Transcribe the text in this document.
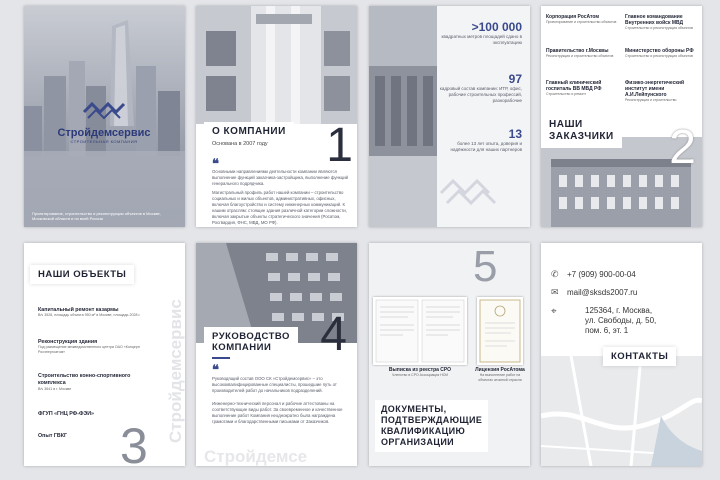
Стройдемсервис
СТРОИТЕЛЬНАЯ КОМПАНИЯ
Проектирование, строительство и реконструкция объектов в Москве, Московской области и по всей России
О КОМПАНИИ
Основана в 2007 году 1
❝
Основными направлениями деятельности компании являются выполнение функций заказчика-застройщика, выполнение функций генерального подрядчика.
Магистральный профиль работ нашей компании – строительство социальных и жилых объектов, административных, офисных, включая благоустройство и систему инженерных коммуникаций. К нашим отраслям: стоящие здания различной категории сложности, включая закрытые объекты стратегического значения (Росатом, Росгвардия, ФНС, МВД, МО РФ).
>100 000
квадратных метров площадей сдано в эксплуатацию
97
кадровый состав компании: ИТР, офис, рабочие строительных профессий, разнорабочие
13
более 13 лет опыта, доверия и надёжности для наших партнеров
Корпорация РосАтом
Проектирование и строительство объектов
Главное командование Внутренних войск МВД
Строительство и реконструкция объектов
Правительство г.Москвы
Реконструкция и строительство объектов
Министерство обороны РФ
Строительство и реконструкция объектов
Главный клинический госпиталь ВВ МВД РФ
Строительство и ремонт
Физико-энергетический институт имени А.И.Лейпунского
Реконструкция и строительство
НАШИ
ЗАКАЗЧИКИ 2
НАШИ ОБЪЕКТЫ
Стройдемсервис
Капитальный ремонт казармы
В/ч 3526, площадь объекта 950 м² в Москве, площадь 2028 г.
Реконструкция здания
Под размещение межведомственного центра ОАО «Концерн Росэнергоатом»
Строительство конно-спортивного комплекса
В/ч 3641 в г. Москве
ФГУП «ГНЦ РФ-ФЭИ»
Опыт ГВКГ	3
РУКОВОДСТВО
КОМПАНИИ	4
❝
Руководящий состав ООО СК «Стройдемсервис» – это высококвалифицированные специалисты, прошедшие путь от производителей работ до начальников подразделений.
Инженерно-технический персонал и рабочие аттестованы на соответствующие виды работ. За своевременное и качественное выполнение работ Компания неоднократно была награждена грамотами и благодарственными письмами от Заказчиков.
Стройдемсе
5
Выписка из реестра СРО
Членство в СРО Ассоциация НОИ
Лицензия РосАтома
На выполнение работ на объектах атомной отрасли
ДОКУМЕНТЫ,
ПОДТВЕРЖДАЮЩИЕ
КВАЛИФИКАЦИЮ
ОРГАНИЗАЦИИ
✆	+7 (909) 900-00-04
✉	mail@sksds2007.ru
⌖	125364, г. Москва,
ул. Свободы, д. 50,
пом. 6, эт. 1
КОНТАКТЫ
